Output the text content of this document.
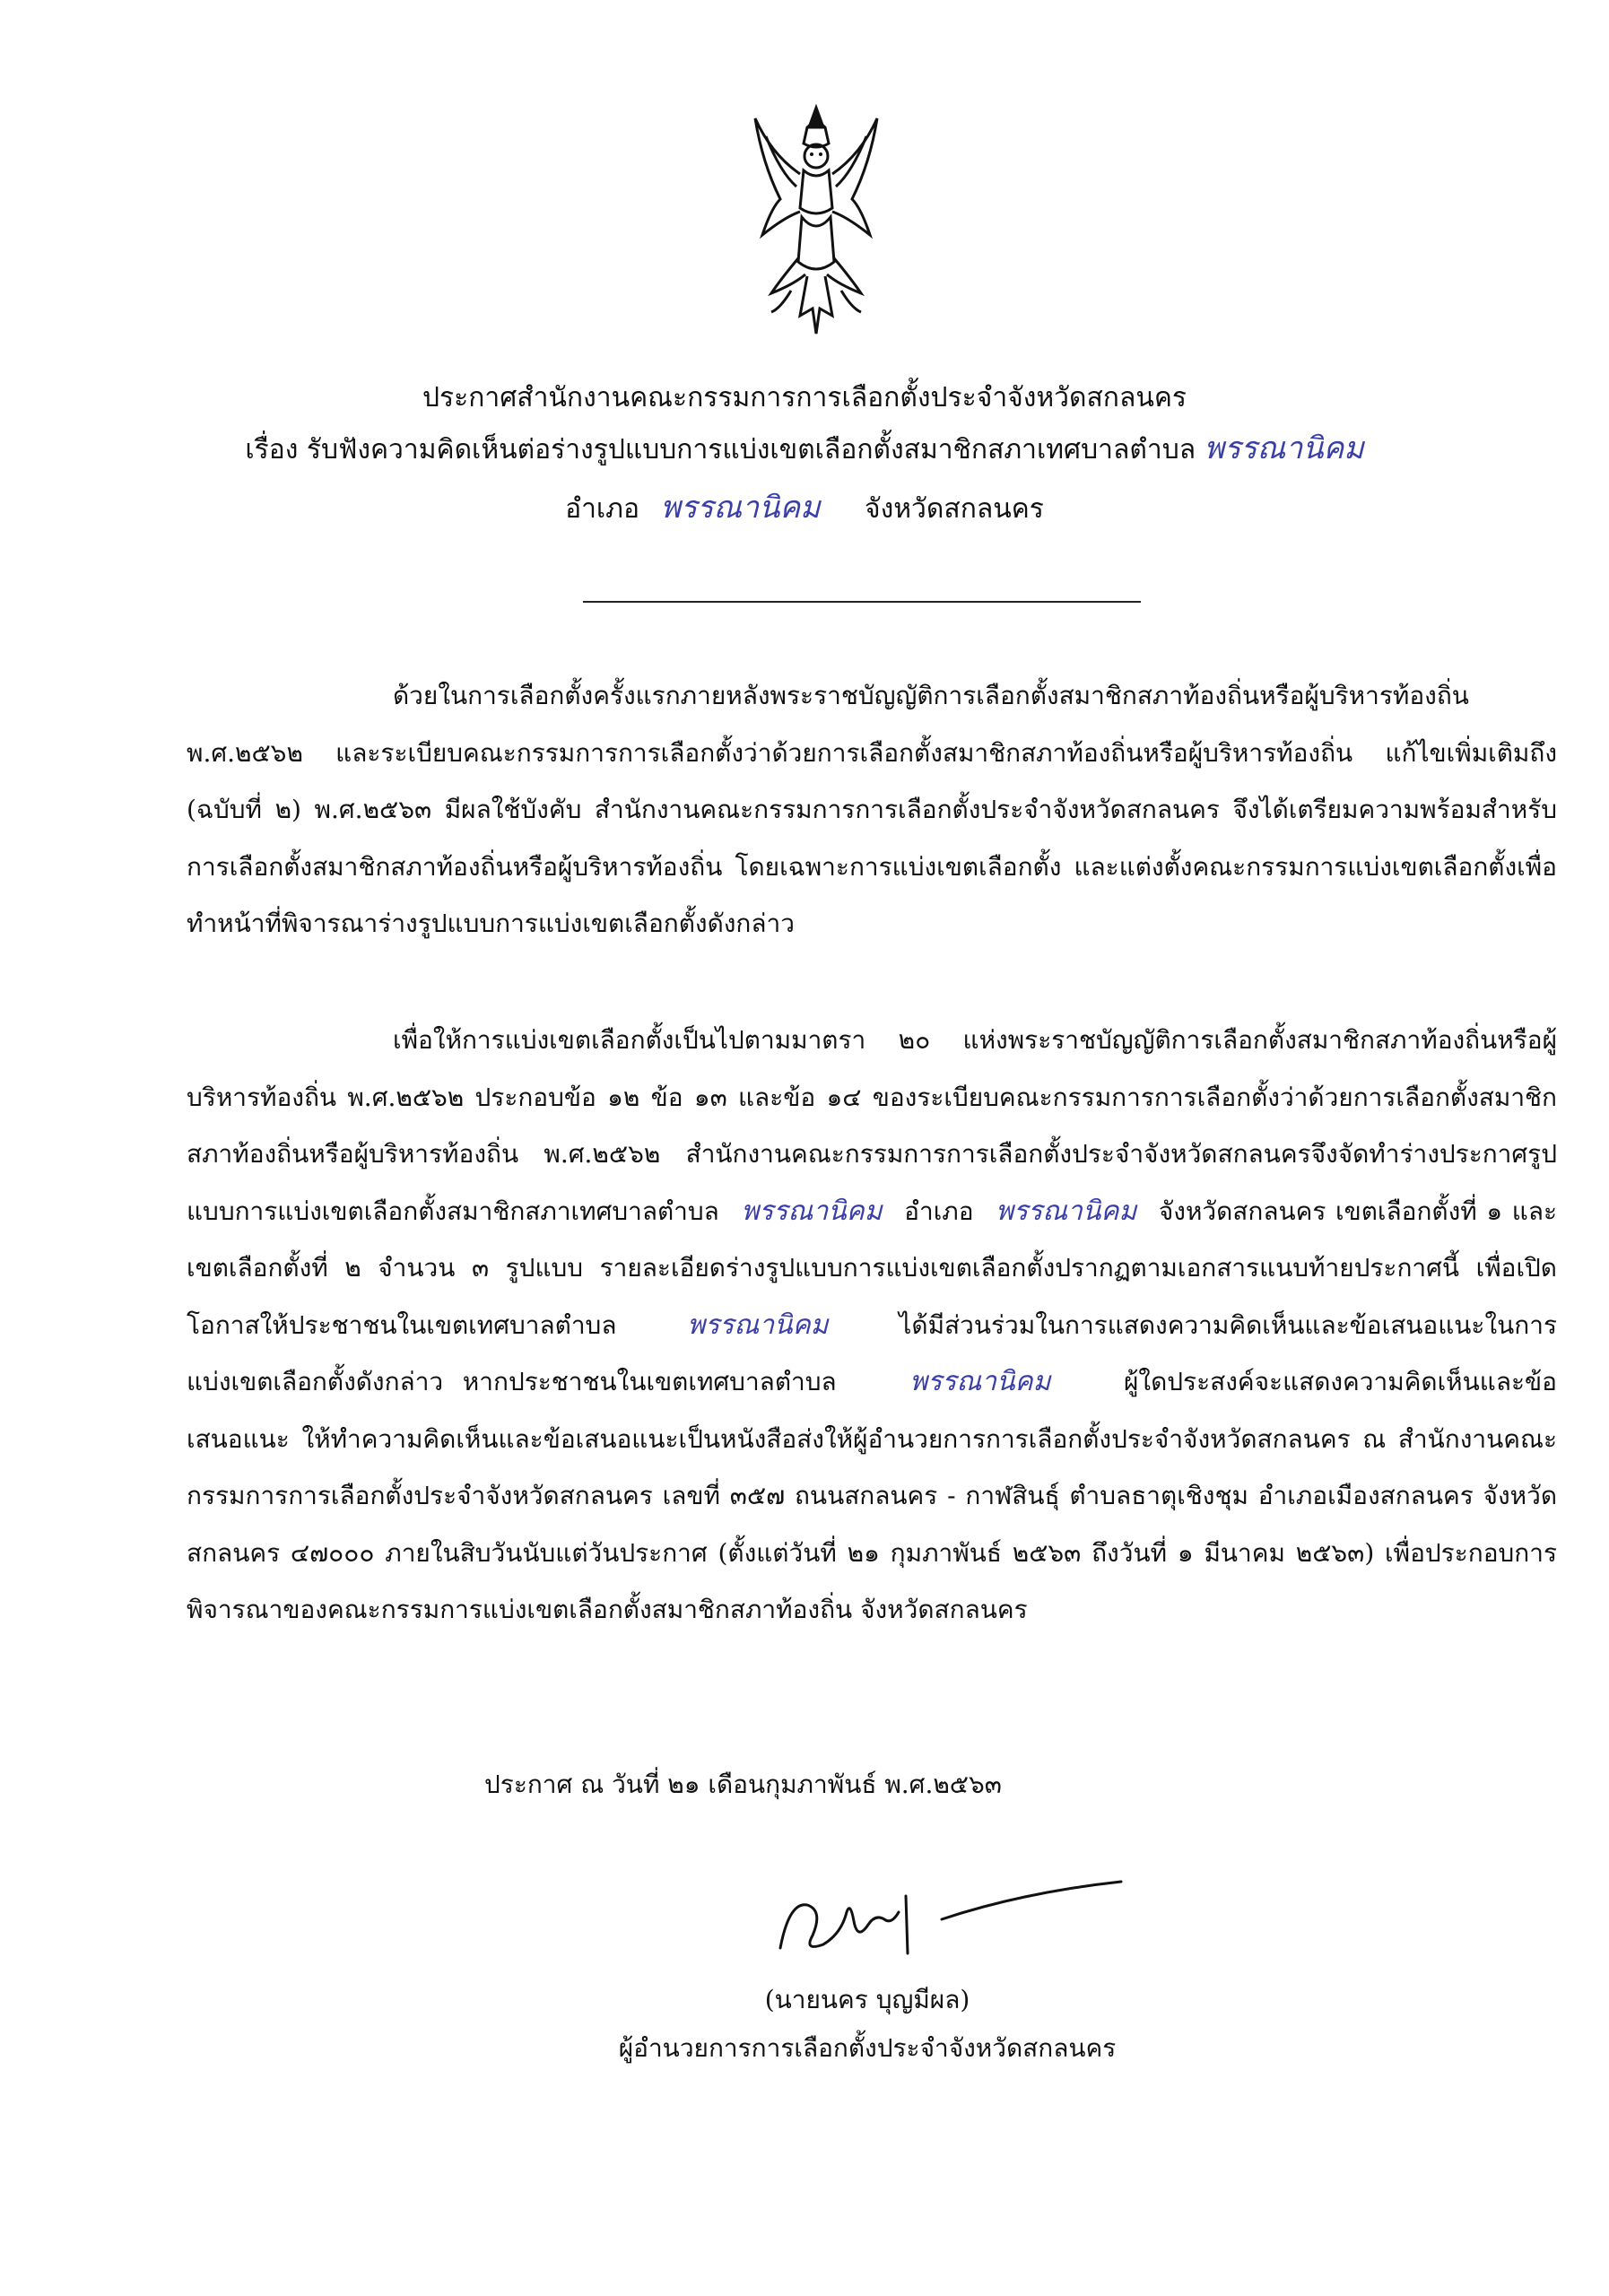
ประกาศสำนักงานคณะกรรมการการเลือกตั้งประจำจังหวัดสกลนคร
เรื่อง รับฟังความคิดเห็นต่อร่างรูปแบบการแบ่งเขตเลือกตั้งสมาชิกสภาเทศบาลตำบล พรรณานิคม
อำเภอ พรรณานิคม จังหวัดสกลนคร
ด้วยในการเลือกตั้งครั้งแรกภายหลังพระราชบัญญัติการเลือกตั้งสมาชิกสภาท้องถิ่นหรือผู้บริหารท้องถิ่น พ.ศ.๒๕๖๒ และระเบียบคณะกรรมการการเลือกตั้งว่าด้วยการเลือกตั้งสมาชิกสภาท้องถิ่นหรือผู้บริหารท้องถิ่น แก้ไขเพิ่มเติมถึง (ฉบับที่ ๒) พ.ศ.๒๕๖๓ มีผลใช้บังคับ สำนักงานคณะกรรมการการเลือกตั้งประจำจังหวัดสกลนคร จึงได้เตรียมความพร้อมสำหรับการเลือกตั้งสมาชิกสภาท้องถิ่นหรือผู้บริหารท้องถิ่น โดยเฉพาะการแบ่งเขตเลือกตั้ง และแต่งตั้งคณะกรรมการแบ่งเขตเลือกตั้งเพื่อทำหน้าที่พิจารณาร่างรูปแบบการแบ่งเขตเลือกตั้งดังกล่าว
เพื่อให้การแบ่งเขตเลือกตั้งเป็นไปตามมาตรา ๒๐ แห่งพระราชบัญญัติการเลือกตั้งสมาชิกสภาท้องถิ่นหรือผู้บริหารท้องถิ่น พ.ศ.๒๕๖๒ ประกอบข้อ ๑๒ ข้อ ๑๓ และข้อ ๑๔ ของระเบียบคณะกรรมการการเลือกตั้งว่าด้วยการเลือกตั้งสมาชิกสภาท้องถิ่นหรือผู้บริหารท้องถิ่น พ.ศ.๒๕๖๒ สำนักงานคณะกรรมการการเลือกตั้งประจำจังหวัดสกลนครจึงจัดทำร่างประกาศรูปแบบการแบ่งเขตเลือกตั้งสมาชิกสภาเทศบาลตำบล พรรณานิคม อำเภอ พรรณานิคม จังหวัดสกลนคร เขตเลือกตั้งที่ ๑ และเขตเลือกตั้งที่ ๒ จำนวน ๓ รูปแบบ รายละเอียดร่างรูปแบบการแบ่งเขตเลือกตั้งปรากฏตามเอกสารแนบท้ายประกาศนี้ เพื่อเปิดโอกาสให้ประชาชนในเขตเทศบาลตำบล	พรรณานิคม	ได้มีส่วนร่วมในการแสดงความคิดเห็นและข้อเสนอแนะในการแบ่งเขตเลือกตั้งดังกล่าว หากประชาชนในเขตเทศบาลตำบล	พรรณานิคม	ผู้ใดประสงค์จะแสดงความคิดเห็นและข้อเสนอแนะ ให้ทำความคิดเห็นและข้อเสนอแนะเป็นหนังสือส่งให้ผู้อำนวยการการเลือกตั้งประจำจังหวัดสกลนคร ณ สำนักงานคณะกรรมการการเลือกตั้งประจำจังหวัดสกลนคร เลขที่ ๓๕๗ ถนนสกลนคร - กาฬสินธุ์ ตำบลธาตุเชิงชุม อำเภอเมืองสกลนคร จังหวัดสกลนคร ๔๗๐๐๐ ภายในสิบวันนับแต่วันประกาศ (ตั้งแต่วันที่ ๒๑ กุมภาพันธ์ ๒๕๖๓ ถึงวันที่ ๑ มีนาคม ๒๕๖๓) เพื่อประกอบการพิจารณาของคณะกรรมการแบ่งเขตเลือกตั้งสมาชิกสภาท้องถิ่น จังหวัดสกลนคร
ประกาศ ณ วันที่ ๒๑ เดือนกุมภาพันธ์ พ.ศ.๒๕๖๓
(นายนคร บุญมีผล)
ผู้อำนวยการการเลือกตั้งประจำจังหวัดสกลนคร
